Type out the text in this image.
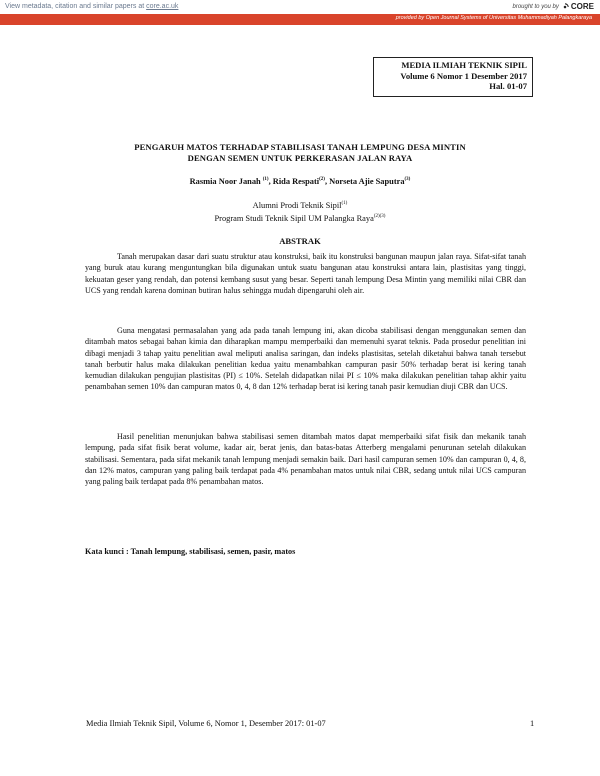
View metadata, citation and similar papers at core.ac.uk	brought to you by CORE
provided by Open Journal Systems of Universitas Muhammadiyah Palangkaraya
MEDIA ILMIAH TEKNIK SIPIL
Volume 6 Nomor 1 Desember 2017
Hal. 01-07
PENGARUH MATOS TERHADAP STABILISASI TANAH LEMPUNG DESA MINTIN
DENGAN SEMEN UNTUK PERKERASAN JALAN RAYA
Rasmia Noor Janah $^{(1)}$, Rida Respati$^{(2)}$, Norseta Ajie Saputra$^{(3)}$
Alumni Prodi Teknik Sipil$^{(1)}$
Program Studi Teknik Sipil UM Palangka Raya$^{(2)(3)}$
ABSTRAK

Tanah merupakan dasar dari suatu struktur atau konstruksi, baik itu konstruksi bangunan maupun jalan raya. Sifat-sifat tanah yang buruk atau kurang menguntungkan bila digunakan untuk suatu bangunan atau konstruksi antara lain, plastisitas yang tinggi, kekuatan geser yang rendah, dan potensi kembang susut yang besar. Seperti tanah lempung Desa Mintin yang memiliki nilai CBR dan UCS yang rendah karena dominan butiran halus sehingga mudah dipengaruhi oleh air.

Guna mengatasi permasalahan yang ada pada tanah lempung ini, akan dicoba stabilisasi dengan menggunakan semen dan ditambah matos sebagai bahan kimia dan diharapkan mampu memperbaiki dan memenuhi syarat teknis. Pada prosedur penelitian ini dibagi menjadi 3 tahap yaitu penelitian awal meliputi analisa saringan, dan indeks plastisitas, setelah diketahui bahwa tanah tersebut tanah berbutir halus maka dilakukan penelitian kedua yaitu menambahkan campuran pasir 50% terhadap berat isi kering tanah kemudian dilakukan pengujian plastisitas (PI) ≤ 10%. Setelah didapatkan nilai PI ≤ 10% maka dilakukan penelitian tahap akhir yaitu penambahan semen 10% dan campuran matos 0, 4, 8 dan 12% terhadap berat isi kering tanah pasir kemudian diuji CBR dan UCS.

Hasil penelitian menunjukan bahwa stabilisasi semen ditambah matos dapat memperbaiki sifat fisik dan mekanik tanah lempung, pada sifat fisik berat volume, kadar air, berat jenis, dan batas-batas Atterberg mengalami penurunan setelah dilakukan stabilisasi. Sementara, pada sifat mekanik tanah lempung menjadi semakin baik. Dari hasil campuran semen 10% dan campuran 0, 4, 8, dan 12% matos, campuran yang paling baik terdapat pada 4% penambahan matos untuk nilai CBR, sedang untuk nilai UCS campuran yang paling baik terdapat pada 8% penambahan matos.

Kata kunci : Tanah lempung, stabilisasi, semen, pasir, matos
Media Ilmiah Teknik Sipil, Volume 6, Nomor 1, Desember 2017: 01-07	1
